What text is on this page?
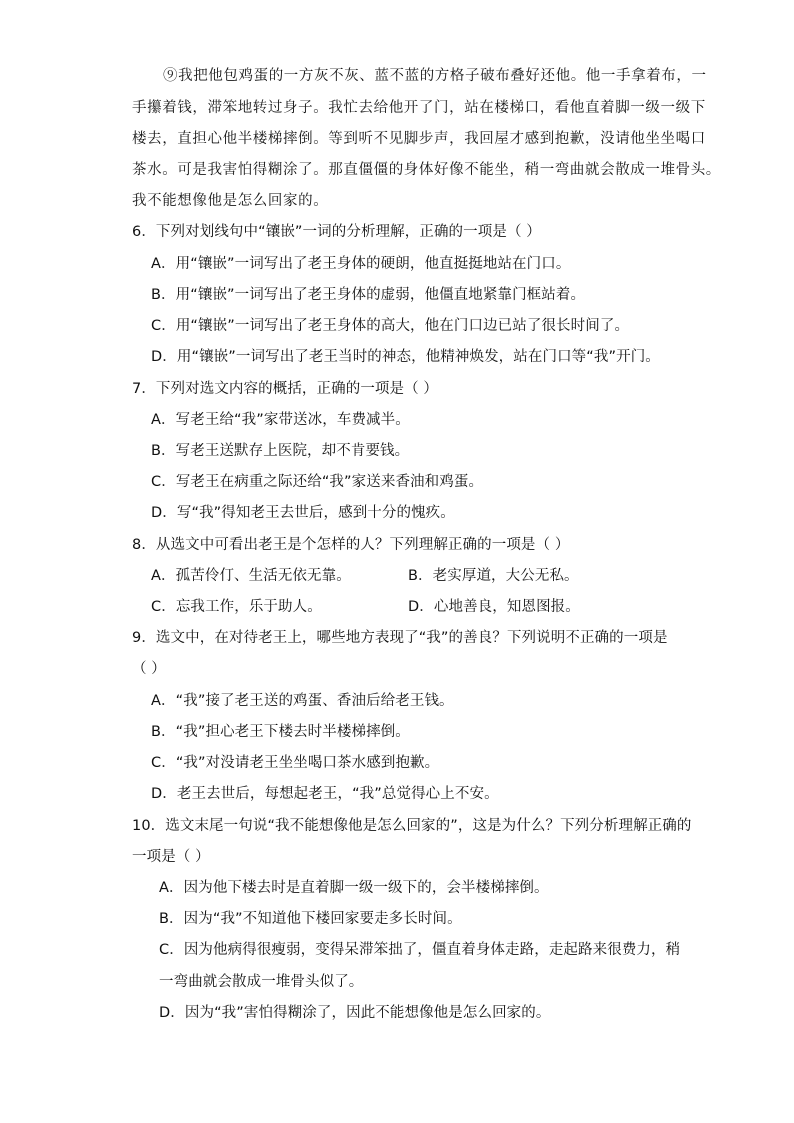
⑨我把他包鸡蛋的一方灰不灰、蓝不蓝的方格子破布叠好还他。他一手拿着布，一
手攥着钱，滞笨地转过身子。我忙去给他开了门，站在楼梯口，看他直着脚一级一级下
楼去，直担心他半楼梯摔倒。等到听不见脚步声，我回屋才感到抱歉，没请他坐坐喝口
茶水。可是我害怕得糊涂了。那直僵僵的身体好像不能坐，稍一弯曲就会散成一堆骨头。
我不能想像他是怎么回家的。
6．下列对划线句中“镶嵌”一词的分析理解，正确的一项是（ ）
A．用“镶嵌”一词写出了老王身体的硬朗，他直挺挺地站在门口。
B．用“镶嵌”一词写出了老王身体的虚弱，他僵直地紧靠门框站着。
C．用“镶嵌”一词写出了老王身体的高大，他在门口边已站了很长时间了。
D．用“镶嵌”一词写出了老王当时的神态，他精神焕发，站在门口等“我”开门。
7．下列对选文内容的概括，正确的一项是（ ）
A．写老王给“我”家带送冰，车费减半。
B．写老王送默存上医院，却不肯要钱。
C．写老王在病重之际还给“我”家送来香油和鸡蛋。
D．写“我”得知老王去世后，感到十分的愧疚。
8．从选文中可看出老王是个怎样的人？下列理解正确的一项是（ ）
A．孤苦伶仃、生活无依无靠。	B．老实厚道，大公无私。
C．忘我工作，乐于助人。	D．心地善良，知恩图报。
9．选文中，在对待老王上，哪些地方表现了“我”的善良？下列说明不正确的一项是
（ ）
A．“我”接了老王送的鸡蛋、香油后给老王钱。
B．“我”担心老王下楼去时半楼梯摔倒。
C．“我”对没请老王坐坐喝口茶水感到抱歉。
D．老王去世后，每想起老王，“我”总觉得心上不安。
10．选文末尾一句说“我不能想像他是怎么回家的”，这是为什么？下列分析理解正确的
一项是（ ）
A．因为他下楼去时是直着脚一级一级下的，会半楼梯摔倒。
B．因为“我”不知道他下楼回家要走多长时间。
C．因为他病得很瘦弱，变得呆滞笨拙了，僵直着身体走路，走起路来很费力，稍
一弯曲就会散成一堆骨头似了。
D．因为“我”害怕得糊涂了，因此不能想像他是怎么回家的。
